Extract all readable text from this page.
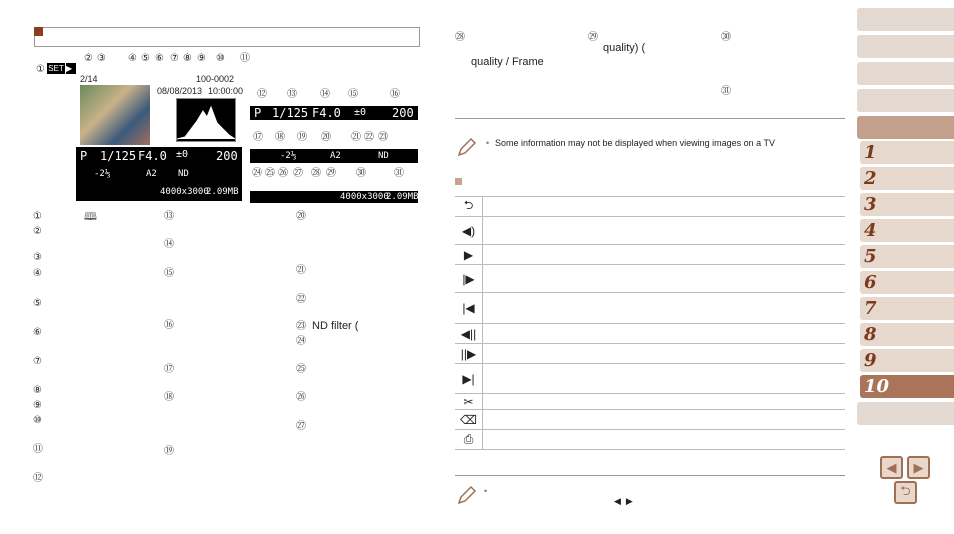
① SET ▶
② ③ ④ ⑤ ⑥ ⑦ ⑧ ⑨ ⑩ ⑪
2/14	100-0002
08/08/2013 10:00:00
P 1/125 F4.0 ±0 200
-2⅓	A2 ND
4000x3000
2.09MB
⑫ ⑬ ⑭ ⑮	⑯
P 1/125 F4.0 ±0 200
⑰ ⑱ ⑲ ⑳ ㉑ ㉒ ㉓
-2⅓	A2	ND
㉔ ㉕ ㉖ ㉗ ㉘ ㉙ ㉚	㉛
4000x3000
2.09MB
①	🕮
②
③
④
⑤
⑥
⑦
⑧
⑨
⑩
⑪
⑫
⑬
⑭
⑮
⑯
⑰
⑱
⑲
⑳
㉑
㉒
㉓ ND filter (
㉔
㉕
㉖
㉗
㉘	㉙	㉚
㉛
quality) (
quality / Frame
• Some information may not be displayed when viewing images on a TV
⮌
◀)
▶
|▶
|◀
◀||
||▶
▶|
✂
⌫
⎙
•
◀  ▶
1
2
3
4
5
6
7
8
9
10
◀	▶
⮌
